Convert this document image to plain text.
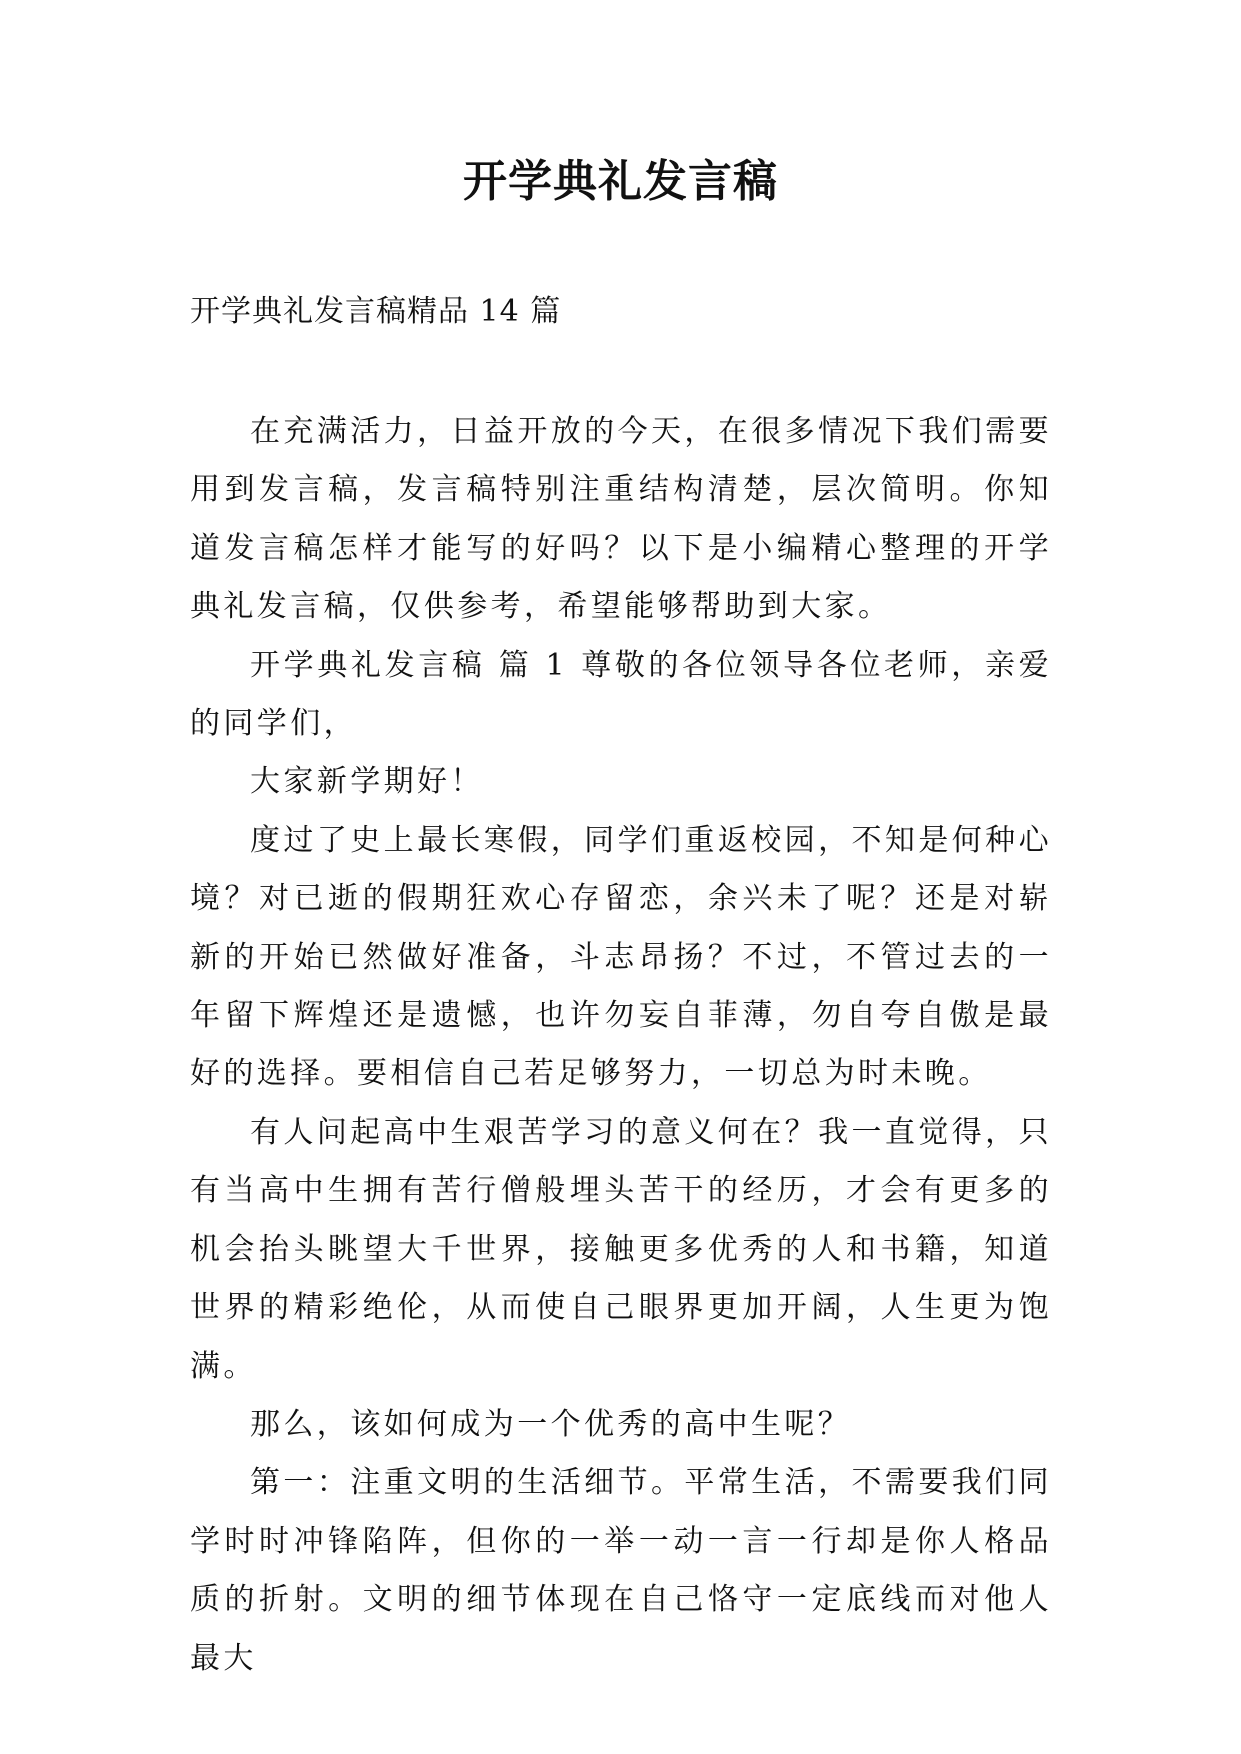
开学典礼发言稿

开学典礼发言稿精品 14 篇

在充满活力，日益开放的今天，在很多情况下我们需要用到发言稿，发言稿特别注重结构清楚，层次简明。你知道发言稿怎样才能写的好吗？以下是小编精心整理的开学典礼发言稿，仅供参考，希望能够帮助到大家。

开学典礼发言稿 篇 1 尊敬的各位领导各位老师，亲爱的同学们，

大家新学期好！

度过了史上最长寒假，同学们重返校园，不知是何种心境？对已逝的假期狂欢心存留恋，余兴未了呢？还是对崭新的开始已然做好准备，斗志昂扬？不过，不管过去的一年留下辉煌还是遗憾，也许勿妄自菲薄，勿自夸自傲是最好的选择。要相信自己若足够努力，一切总为时未晚。

有人问起高中生艰苦学习的意义何在？我一直觉得，只有当高中生拥有苦行僧般埋头苦干的经历，才会有更多的机会抬头眺望大千世界，接触更多优秀的人和书籍，知道世界的精彩绝伦，从而使自己眼界更加开阔，人生更为饱满。

那么，该如何成为一个优秀的高中生呢？

第一：注重文明的生活细节。平常生活，不需要我们同学时时冲锋陷阵，但你的一举一动一言一行却是你人格品质的折射。文明的细节体现在自己恪守一定底线而对他人最大
